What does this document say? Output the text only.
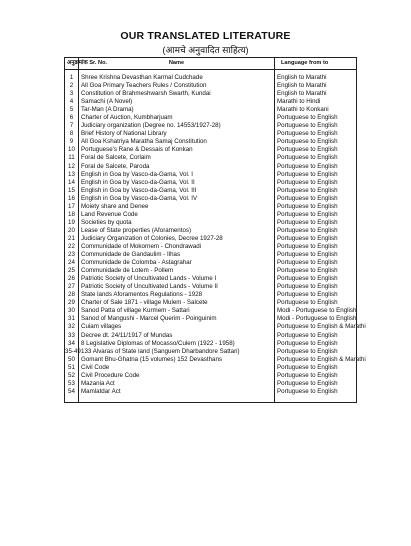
OUR TRANSLATED LITERATURE
(आमचे अनुवादित साहित्य)
अनुक्रमांक Sr. No.	Name	Language from to

1	Shree Krishna Devasthan Karmal Cudchade	English to Marathi
2	All Goa Primary Teachers Rules / Constitution	English to Marathi
3	Constitution of Brahmeshwarsh Swarth, Kundai	English to Marathi
4	Samachi (A Novel)	Marathi to Hindi
5	Tar-Man (A Drama)	Marathi to Konkani
6	Charter of Auction, Kumbharjuam	Portuguese to English
7	Judiciary organization (Degree no. 14553/1927-28)	Portuguese to English
8	Brief History of National Library	Portuguese to English
9	All Goa Kshatriya Maratha Samaj Constitution	Portuguese to English
10	Portuguese's Rane & Dessais of Konkan	Portuguese to English
11	Foral de Salcete, Corlaim	Portuguese to English
12	Foral de Salcete, Paroda	Portuguese to English
13	English in Goa by Vasco-da-Gama, Vol. I	Portuguese to English
14	English in Goa by Vasco-da-Gama, Vol. II	Portuguese to English
15	English in Goa by Vasco-da-Gama, Vol. III	Portuguese to English
16	English in Goa by Vasco-da-Gama, Vol. IV	Portuguese to English
17	Moiety share and Denee	Portuguese to English
18	Land Revenue Code	Portuguese to English
19	Societies by quota	Portuguese to English
20	Lease of State properties (Aforamentos)	Portuguese to English
21	Judiciary Organization of Colonies, Decree 1927-28	Portuguese to English
22	Communidade of Mokornem - Chondrawadi	Portuguese to English
23	Communidade de Gandaulim - Ilhas	Portuguese to English
24	Communidade de Colomba - Astagrahar	Portuguese to English
25	Communidade de Lotem - Pollem	Portuguese to English
26	Patriotic Society of Uncultivated Lands - Volume I	Portuguese to English
27	Patriotic Society of Uncultivated Lands - Volume II	Portuguese to English
28	State lands Aforamentos Regulations - 1928	Portuguese to English
29	Charter of Sale 1871 - village Mulem - Salcete	Portuguese to English
30	Sanod Patta of village Kurmem - Sattari	Modi - Portuguese to English
31	Sanod of Mangushi - Marcel Querim - Poinguinim	Modi - Portuguese to English
32	Cuiam villages	Portuguese to English & Marathi
33	Decree dt. 24/11/1917 of Mundas	Portuguese to English
34	8 Legislative Diplomas of Mocasso/Culem (1922 - 1958)	Portuguese to English
35-49	133 Alvaras of State land (Sanguem Dharbandore Sattari)	Portuguese to English
50	Gomant Bhu-Ghatna (15 volumes) 152 Devasthans	Portuguese to English & Marathi
51	Civil Code	Portuguese to English
52	Civil Procedure Code	Portuguese to English
53	Mazania Act	Portuguese to English
54	Mamlatdar Act	Portuguese to English
